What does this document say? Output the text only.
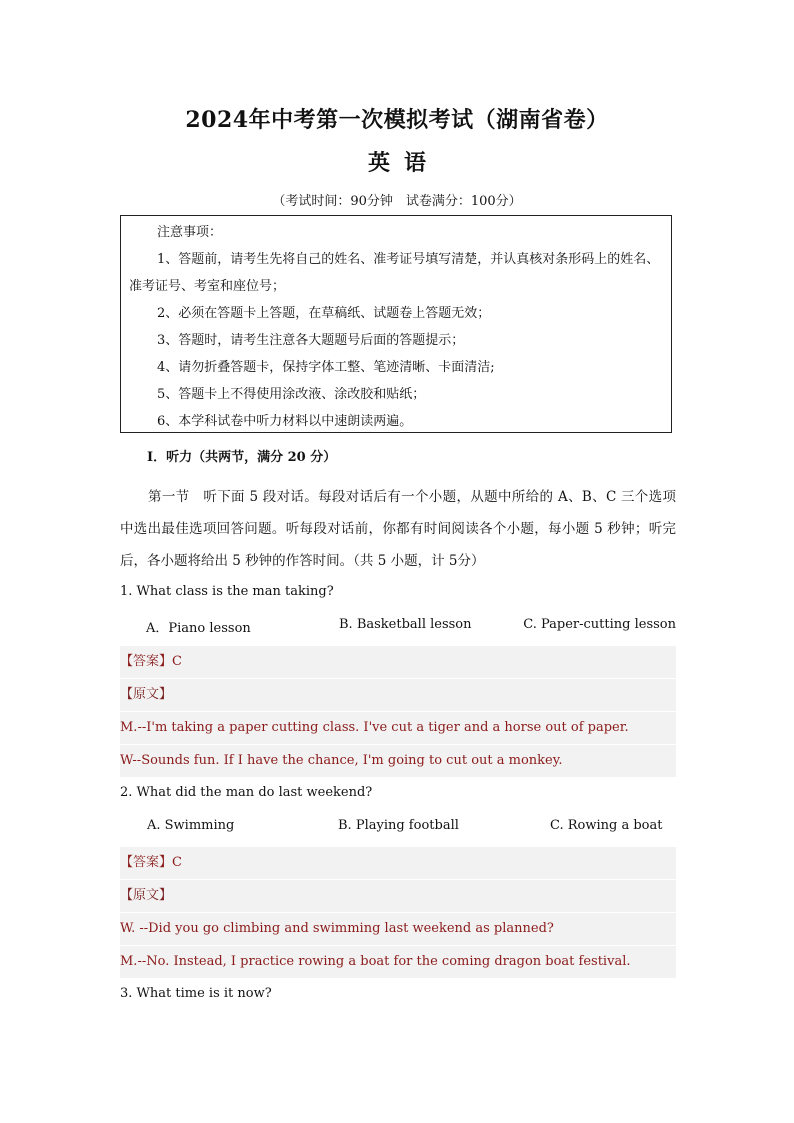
2024年中考第一次模拟考试（湖南省卷）
英语
（考试时间：90分钟　试卷满分：100分）
注意事项：
1、答题前，请考生先将自己的姓名、准考证号填写清楚，并认真核对条形码上的姓名、准考证号、考室和座位号；
2、必须在答题卡上答题，在草稿纸、试题卷上答题无效；
3、答题时，请考生注意各大题题号后面的答题提示；
4、请勿折叠答题卡，保持字体工整、笔迹清晰、卡面清洁;
5、答题卡上不得使用涂改液、涂改胶和贴纸；
6、本学科试卷中听力材料以中速朗读两遍。
I．听力（共两节，满分 20 分）
第一节　听下面 5 段对话。每段对话后有一个小题，从题中所给的 A、B、C 三个选项中选出最佳选项回答问题。听每段对话前，你都有时间阅读各个小题，每小题 5 秒钟；听完后，各小题将给出 5 秒钟的作答时间。（共 5 小题，计 5分）
1. What class is the man taking?
A．Piano lesson	B. Basketball lesson	C. Paper-cutting lesson
【答案】C
【原文】
M.--I'm taking a paper cutting class. I've cut a tiger and a horse out of paper.
W--Sounds fun. If I have the chance, I'm going to cut out a monkey.
2. What did the man do last weekend?
A. Swimming	B. Playing football	C. Rowing a boat
【答案】C
【原文】
W. --Did you go climbing and swimming last weekend as planned?
M.--No. Instead, I practice rowing a boat for the coming dragon boat festival.
3. What time is it now?
